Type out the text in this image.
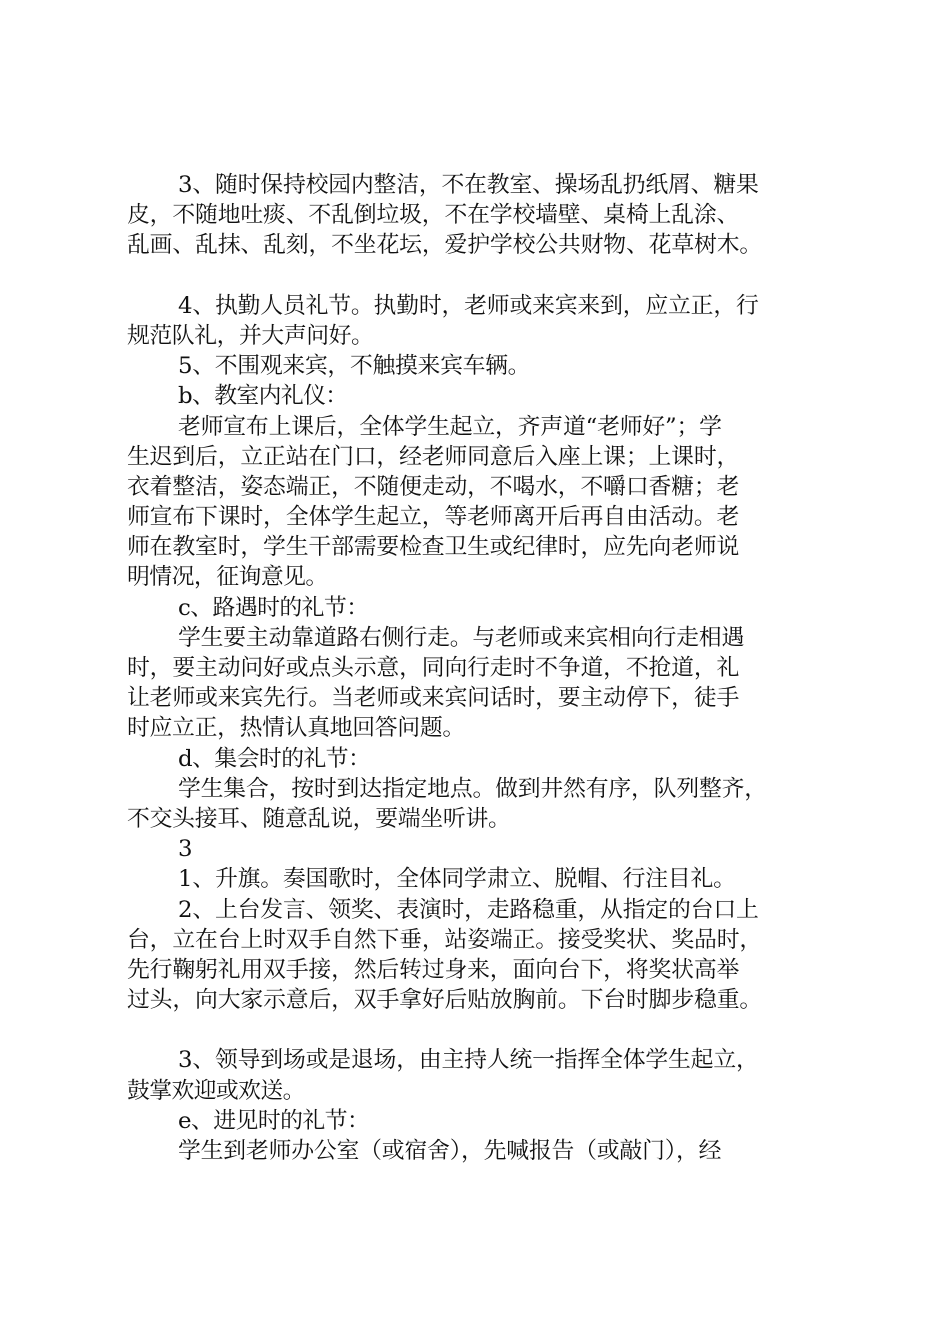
3、随时保持校园内整洁，不在教室、操场乱扔纸屑、糖果
皮，不随地吐痰、不乱倒垃圾，不在学校墙壁、桌椅上乱涂、
乱画、乱抹、乱刻，不坐花坛，爱护学校公共财物、花草树木。
4、执勤人员礼节。执勤时，老师或来宾来到，应立正，行
规范队礼，并大声问好。
5、不围观来宾，不触摸来宾车辆。
b、教室内礼仪：
老师宣布上课后，全体学生起立，齐声道“老师好”；学
生迟到后，立正站在门口，经老师同意后入座上课；上课时，
衣着整洁，姿态端正，不随便走动，不喝水，不嚼口香糖；老
师宣布下课时，全体学生起立，等老师离开后再自由活动。老
师在教室时，学生干部需要检查卫生或纪律时，应先向老师说
明情况，征询意见。
c、路遇时的礼节：
学生要主动靠道路右侧行走。与老师或来宾相向行走相遇
时，要主动问好或点头示意，同向行走时不争道，不抢道，礼
让老师或来宾先行。当老师或来宾问话时，要主动停下，徒手
时应立正，热情认真地回答问题。
d、集会时的礼节：
学生集合，按时到达指定地点。做到井然有序，队列整齐，
不交头接耳、随意乱说，要端坐听讲。
3
1、升旗。奏国歌时，全体同学肃立、脱帽、行注目礼。
2、上台发言、领奖、表演时，走路稳重，从指定的台口上
台，立在台上时双手自然下垂，站姿端正。接受奖状、奖品时，
先行鞠躬礼用双手接，然后转过身来，面向台下，将奖状高举
过头，向大家示意后，双手拿好后贴放胸前。下台时脚步稳重。
3、领导到场或是退场，由主持人统一指挥全体学生起立，
鼓掌欢迎或欢送。
e、进见时的礼节：
学生到老师办公室（或宿舍），先喊报告（或敲门），经
